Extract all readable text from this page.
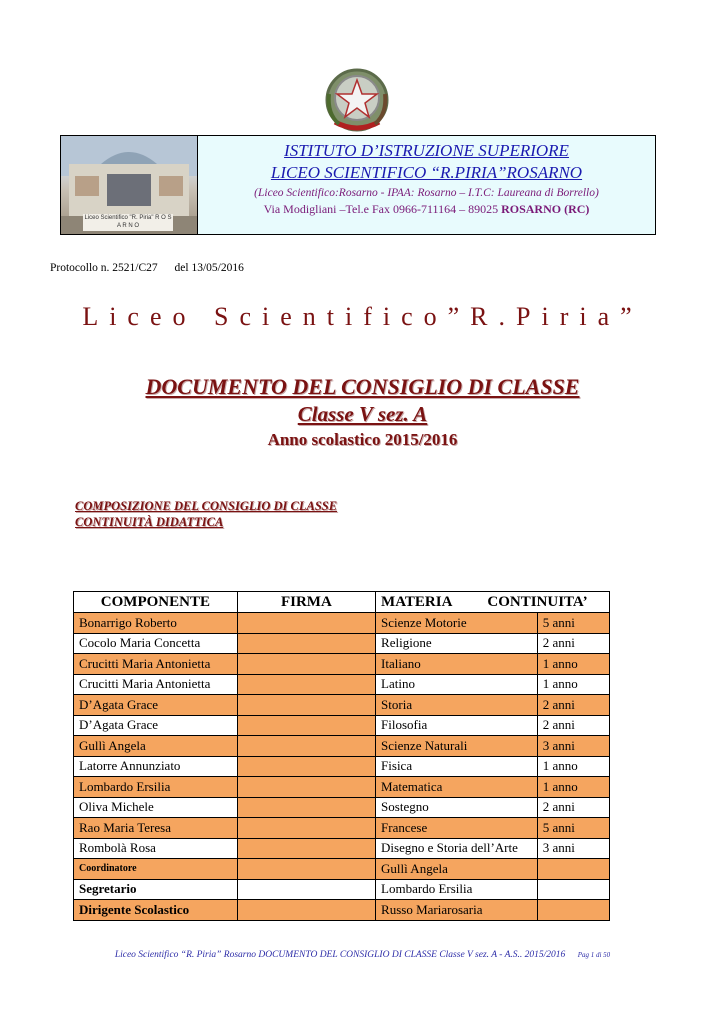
Liceo Scientifico "R. Piria" R O S A R N O
ISTITUTO D’ISTRUZIONE SUPERIORE
LICEO SCIENTIFICO “R.PIRIA”ROSARNO
(Liceo Scientifico:Rosarno - IPAA: Rosarno – I.T.C: Laureana di Borrello)
Via Modigliani –Tel.e Fax 0966-711164 – 89025 ROSARNO (RC)
Protocollo n. 2521/C27 del 13/05/2016
Liceo Scientifico”R.Piria”
DOCUMENTO DEL CONSIGLIO DI CLASSE
Classe V sez. A
Anno scolastico 2015/2016
COMPOSIZIONE DEL CONSIGLIO DI CLASSE
CONTINUITÀ DIDATTICA
COMPONENTE	FIRMA	MATERIA CONTINUITA’	
Bonarrigo Roberto		Scienze Motorie	5 anni
Cocolo Maria Concetta		Religione	2 anni
Crucitti Maria Antonietta		Italiano	1 anno
Crucitti Maria Antonietta		Latino	1 anno
D’Agata Grace		Storia	2 anni
D’Agata Grace		Filosofia	2 anni
Gullì Angela		Scienze Naturali	3 anni
Latorre Annunziato		Fisica	1 anno
Lombardo Ersilia		Matematica	1 anno
Oliva Michele		Sostegno	2 anni
Rao Maria Teresa		Francese	5 anni
Rombolà Rosa		Disegno e Storia dell’Arte	3 anni
Coordinatore		Gullì Angela	
Segretario		Lombardo Ersilia	
Dirigente Scolastico		Russo Mariarosaria	
Liceo Scientifico “R. Piria” Rosarno DOCUMENTO DEL CONSIGLIO DI CLASSE Classe V sez. A - A.S.. 2015/2016 Pag 1 di 50
